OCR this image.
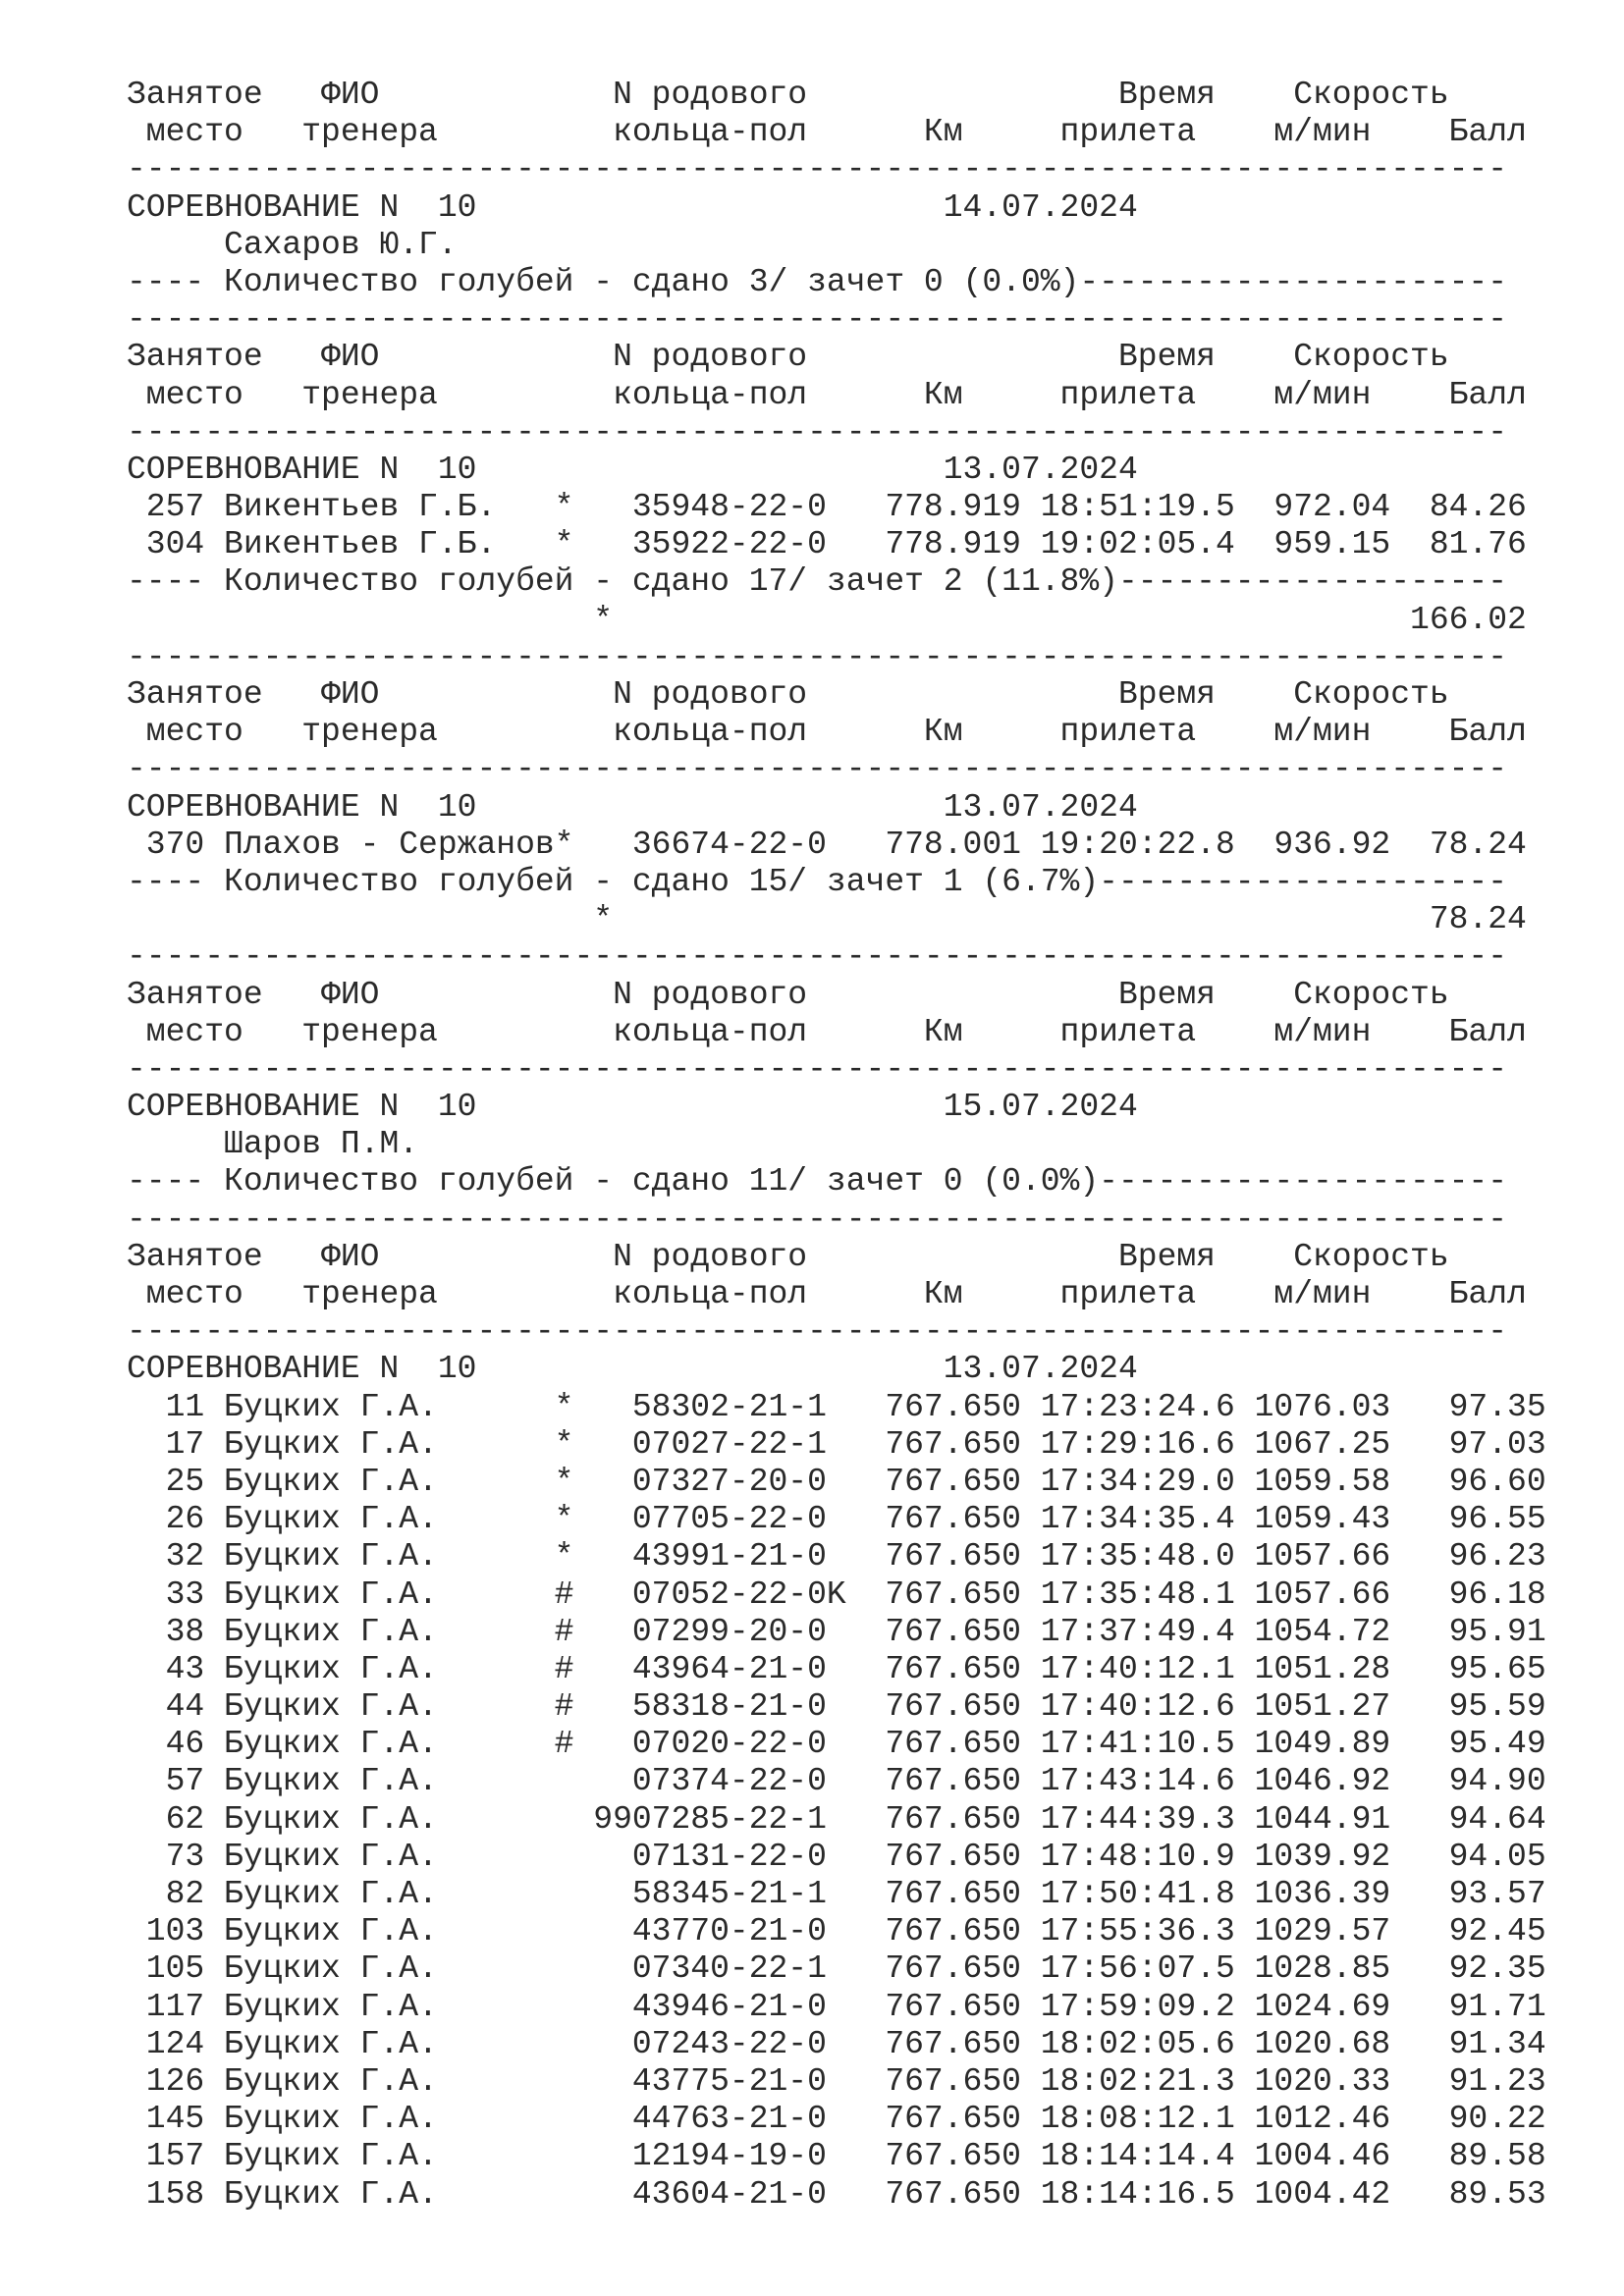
Занятое   ФИО            N родового                Время    Скорость
место   тренера         кольца-пол      Км     прилета    м/мин    Балл
-----------------------------------------------------------------------
СОРЕВНОВАНИЕ N  10                        14.07.2024
Сахаров Ю.Г.
---- Количество голубей - сдано 3/ зачет 0 (0.0%)----------------------
-----------------------------------------------------------------------
Занятое   ФИО            N родового                Время    Скорость
место   тренера         кольца-пол      Км     прилета    м/мин    Балл
-----------------------------------------------------------------------
СОРЕВНОВАНИЕ N  10                        13.07.2024
257 Викентьев Г.Б.   *   35948-22-0   778.919 18:51:19.5  972.04  84.26
304 Викентьев Г.Б.   *   35922-22-0   778.919 19:02:05.4  959.15  81.76
---- Количество голубей - сдано 17/ зачет 2 (11.8%)--------------------
*                                         166.02
-----------------------------------------------------------------------
Занятое   ФИО            N родового                Время    Скорость
место   тренера         кольца-пол      Км     прилета    м/мин    Балл
-----------------------------------------------------------------------
СОРЕВНОВАНИЕ N  10                        13.07.2024
370 Плахов - Сержанов*   36674-22-0   778.001 19:20:22.8  936.92  78.24
---- Количество голубей - сдано 15/ зачет 1 (6.7%)---------------------
*                                          78.24
-----------------------------------------------------------------------
Занятое   ФИО            N родового                Время    Скорость
место   тренера         кольца-пол      Км     прилета    м/мин    Балл
-----------------------------------------------------------------------
СОРЕВНОВАНИЕ N  10                        15.07.2024
Шаров П.М.
---- Количество голубей - сдано 11/ зачет 0 (0.0%)---------------------
-----------------------------------------------------------------------
Занятое   ФИО            N родового                Время    Скорость
место   тренера         кольца-пол      Км     прилета    м/мин    Балл
-----------------------------------------------------------------------
СОРЕВНОВАНИЕ N  10                        13.07.2024
11 Буцких Г.А.      *   58302-21-1   767.650 17:23:24.6 1076.03   97.35
17 Буцких Г.А.      *   07027-22-1   767.650 17:29:16.6 1067.25   97.03
25 Буцких Г.А.      *   07327-20-0   767.650 17:34:29.0 1059.58   96.60
26 Буцких Г.А.      *   07705-22-0   767.650 17:34:35.4 1059.43   96.55
32 Буцких Г.А.      *   43991-21-0   767.650 17:35:48.0 1057.66   96.23
33 Буцких Г.А.      #   07052-22-0K  767.650 17:35:48.1 1057.66   96.18
38 Буцких Г.А.      #   07299-20-0   767.650 17:37:49.4 1054.72   95.91
43 Буцких Г.А.      #   43964-21-0   767.650 17:40:12.1 1051.28   95.65
44 Буцких Г.А.      #   58318-21-0   767.650 17:40:12.6 1051.27   95.59
46 Буцких Г.А.      #   07020-22-0   767.650 17:41:10.5 1049.89   95.49
57 Буцких Г.А.          07374-22-0   767.650 17:43:14.6 1046.92   94.90
62 Буцких Г.А.        9907285-22-1   767.650 17:44:39.3 1044.91   94.64
73 Буцких Г.А.          07131-22-0   767.650 17:48:10.9 1039.92   94.05
82 Буцких Г.А.          58345-21-1   767.650 17:50:41.8 1036.39   93.57
103 Буцких Г.А.          43770-21-0   767.650 17:55:36.3 1029.57   92.45
105 Буцких Г.А.          07340-22-1   767.650 17:56:07.5 1028.85   92.35
117 Буцких Г.А.          43946-21-0   767.650 17:59:09.2 1024.69   91.71
124 Буцких Г.А.          07243-22-0   767.650 18:02:05.6 1020.68   91.34
126 Буцких Г.А.          43775-21-0   767.650 18:02:21.3 1020.33   91.23
145 Буцких Г.А.          44763-21-0   767.650 18:08:12.1 1012.46   90.22
157 Буцких Г.А.          12194-19-0   767.650 18:14:14.4 1004.46   89.58
158 Буцких Г.А.          43604-21-0   767.650 18:14:16.5 1004.42   89.53
